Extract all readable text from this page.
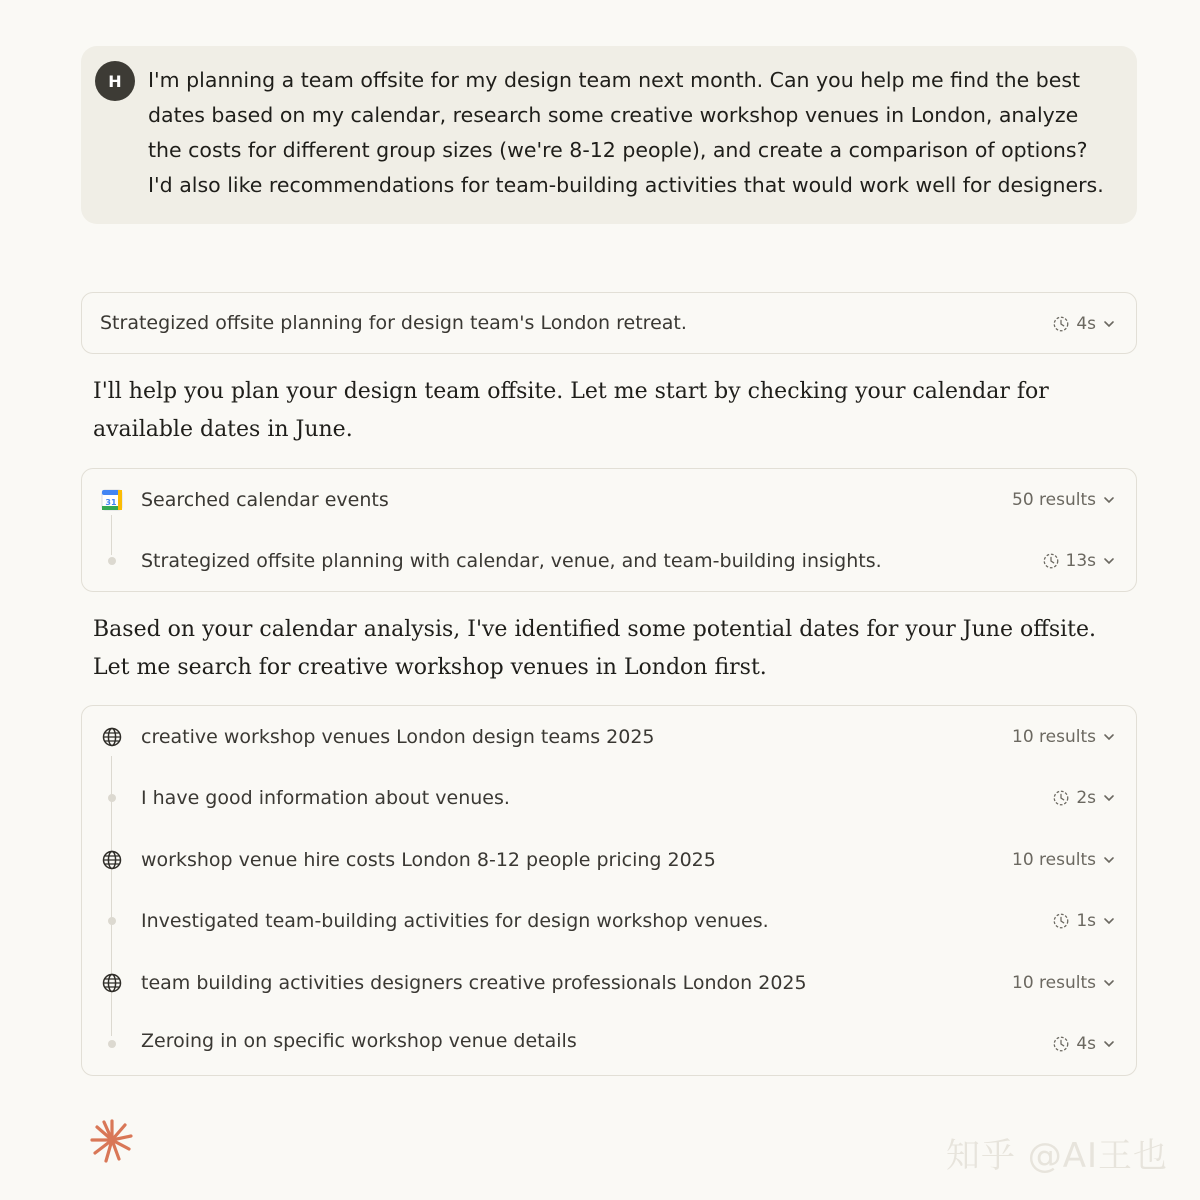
H	I'm planning a team offsite for my design team next month. Can you help me find the best dates based on my calendar, research some creative workshop venues in London, analyze the costs for different group sizes (we're 8-12 people), and create a comparison of options? I'd also like recommendations for team-building activities that would work well for designers.

Strategized offsite planning for design team's London retreat.	4s

I'll help you plan your design team offsite. Let me start by checking your calendar for available dates in June.

31 Searched calendar events	50 results
Strategized offsite planning with calendar, venue, and team-building insights.	13s

Based on your calendar analysis, I've identified some potential dates for your June offsite. Let me search for creative workshop venues in London first.

creative workshop venues London design teams 2025	10 results
I have good information about venues.	2s
workshop venue hire costs London 8-12 people pricing 2025	10 results
Investigated team-building activities for design workshop venues.	1s
team building activities designers creative professionals London 2025	10 results
Zeroing in on specific workshop venue details	4s
知乎 @AI王也
